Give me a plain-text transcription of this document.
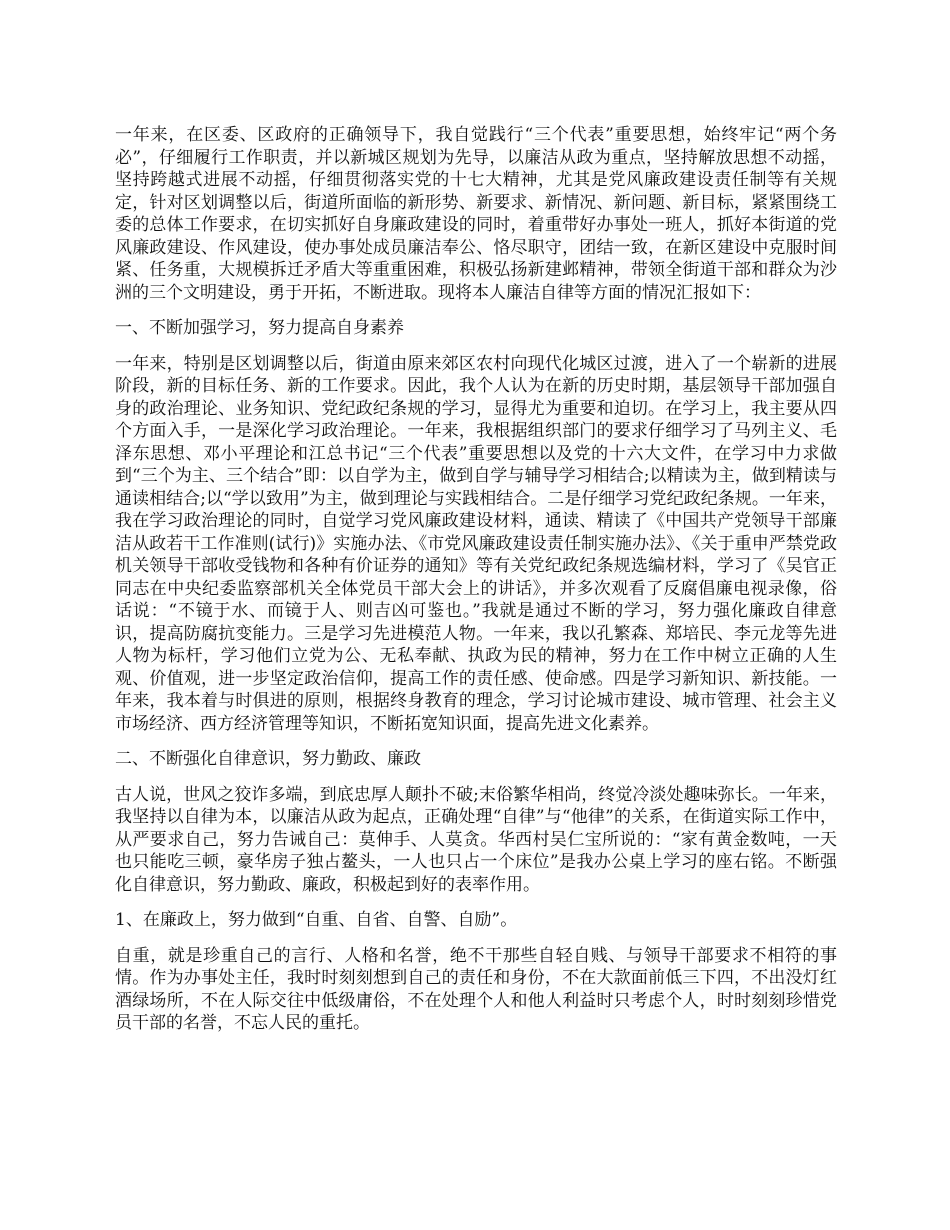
一年来，在区委、区政府的正确领导下，我自觉践行“三个代表”重要思想，始终牢记“两个务必”，仔细履行工作职责，并以新城区规划为先导，以廉洁从政为重点，坚持解放思想不动摇，坚持跨越式进展不动摇，仔细贯彻落实党的十七大精神，尤其是党风廉政建设责任制等有关规定，针对区划调整以后，街道所面临的新形势、新要求、新情况、新问题、新目标，紧紧围绕工委的总体工作要求，在切实抓好自身廉政建设的同时，着重带好办事处一班人，抓好本街道的党风廉政建设、作风建设，使办事处成员廉洁奉公、恪尽职守，团结一致，在新区建设中克服时间紧、任务重，大规模拆迁矛盾大等重重困难，积极弘扬新建邺精神，带领全街道干部和群众为沙洲的三个文明建设，勇于开拓，不断进取。现将本人廉洁自律等方面的情况汇报如下：

一、不断加强学习，努力提高自身素养

一年来，特别是区划调整以后，街道由原来郊区农村向现代化城区过渡，进入了一个崭新的进展阶段，新的目标任务、新的工作要求。因此，我个人认为在新的历史时期，基层领导干部加强自身的政治理论、业务知识、党纪政纪条规的学习，显得尤为重要和迫切。在学习上，我主要从四个方面入手，一是深化学习政治理论。一年来，我根据组织部门的要求仔细学习了马列主义、毛泽东思想、邓小平理论和江总书记“三个代表”重要思想以及党的十六大文件，在学习中力求做到“三个为主、三个结合”即：以自学为主，做到自学与辅导学习相结合;以精读为主，做到精读与通读相结合;以“学以致用”为主，做到理论与实践相结合。二是仔细学习党纪政纪条规。一年来，我在学习政治理论的同时，自觉学习党风廉政建设材料，通读、精读了《中国共产党领导干部廉洁从政若干工作准则(试行)》实施办法、《市党风廉政建设责任制实施办法》、《关于重申严禁党政机关领导干部收受钱物和各种有价证券的通知》等有关党纪政纪条规选编材料，学习了《吴官正同志在中央纪委监察部机关全体党员干部大会上的讲话》，并多次观看了反腐倡廉电视录像，俗话说：“不镜于水、而镜于人、则吉凶可鉴也。”我就是通过不断的学习，努力强化廉政自律意识，提高防腐抗变能力。三是学习先进模范人物。一年来，我以孔繁森、郑培民、李元龙等先进人物为标杆，学习他们立党为公、无私奉献、执政为民的精神，努力在工作中树立正确的人生观、价值观，进一步坚定政治信仰，提高工作的责任感、使命感。四是学习新知识、新技能。一年来，我本着与时俱进的原则，根据终身教育的理念，学习讨论城市建设、城市管理、社会主义市场经济、西方经济管理等知识，不断拓宽知识面，提高先进文化素养。

二、不断强化自律意识，努力勤政、廉政

古人说，世风之狡诈多端，到底忠厚人颠扑不破;末俗繁华相尚，终觉冷淡处趣味弥长。一年来，我坚持以自律为本，以廉洁从政为起点，正确处理“自律”与“他律”的关系，在街道实际工作中，从严要求自己，努力告诫自己：莫伸手、人莫贪。华西村吴仁宝所说的：“家有黄金数吨，一天也只能吃三顿，豪华房子独占鳌头，一人也只占一个床位”是我办公桌上学习的座右铭。不断强化自律意识，努力勤政、廉政，积极起到好的表率作用。

1、在廉政上，努力做到“自重、自省、自警、自励”。

自重，就是珍重自己的言行、人格和名誉，绝不干那些自轻自贱、与领导干部要求不相符的事情。作为办事处主任，我时时刻刻想到自己的责任和身份，不在大款面前低三下四，不出没灯红酒绿场所，不在人际交往中低级庸俗，不在处理个人和他人利益时只考虑个人，时时刻刻珍惜党员干部的名誉，不忘人民的重托。
